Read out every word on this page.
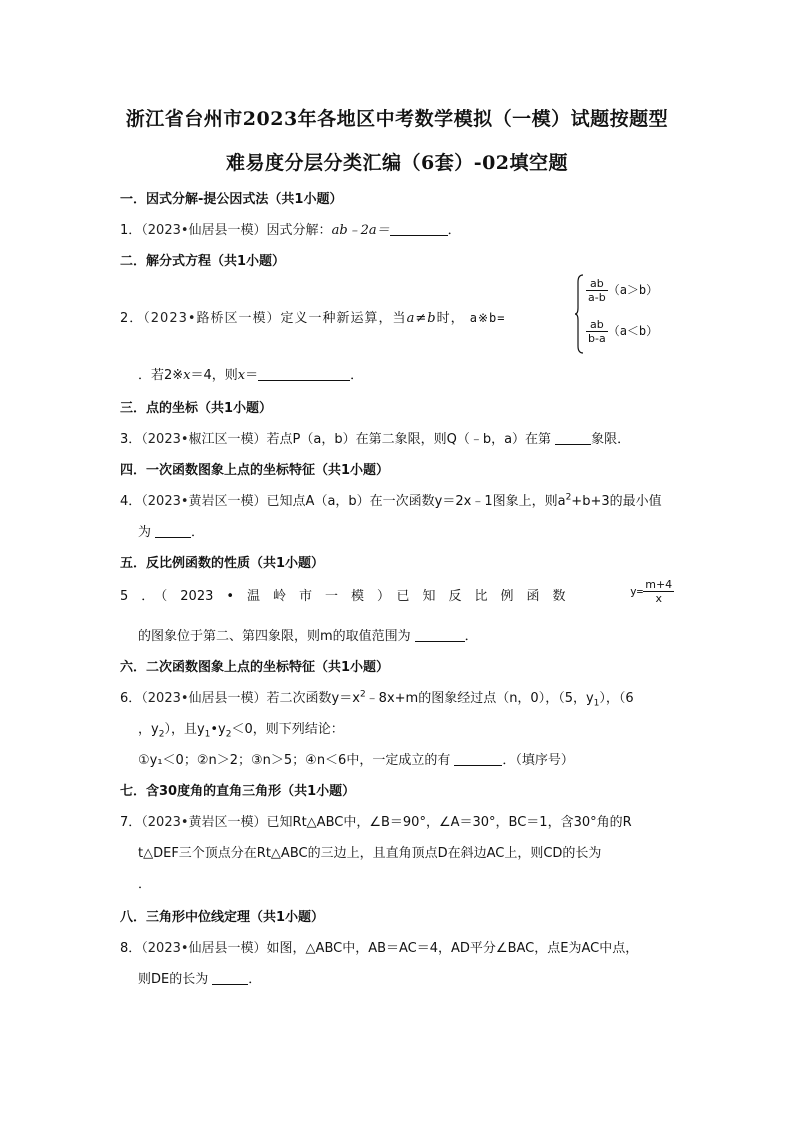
浙江省台州市2023年各地区中考数学模拟（一模）试题按题型
难易度分层分类汇编（6套）-02填空题
一．因式分解-提公因式法（共1小题）
1．（2023•仙居县一模）因式分解：ab﹣2a＝	．
二．解分式方程（共1小题）
2．（2023•路桥区一模）定义一种新运算，当a≠b时， a※b=
$\frac{ab}{a-b} (a>b)$
$\frac{ab}{b-a} (a<b)$
．若2※x＝4，则x＝	．
三．点的坐标（共1小题）
3．（2023•椒江区一模）若点P（a，b）在第二象限，则Q（﹣b，a）在第	象限．
四．一次函数图象上点的坐标特征（共1小题）
4．（2023•黄岩区一模）已知点A（a，b）在一次函数y＝2x﹣1图象上，则$a^2+b+3$的最小值
为	．
五．反比例函数的性质（共1小题）
5　．　（　2023　•　温　岭　市　一　模　）　已　知　反　比　例　函　数	$y= \frac{m+4}{x}$
的图象位于第二、第四象限，则m的取值范围为	．
六．二次函数图象上点的坐标特征（共1小题）
6．（2023•仙居县一模）若二次函数$y=x^2﹣8x+m$的图象经过点（n，0），（5，$y_1$），（6
，$y_2$），且$y_1•y_2<0$，则下列结论：
①y₁＜0；②n＞2；③n＞5；④n＜6中，一定成立的有	．（填序号）
七．含30度角的直角三角形（共1小题）
7．（2023•黄岩区一模）已知Rt△ABC中，∠B＝90°，∠A＝30°，BC＝1，含30°角的R
t△DEF三个顶点分在Rt△ABC的三边上，且直角顶点D在斜边AC上，则CD的长为
．
八．三角形中位线定理（共1小题）
8．（2023•仙居县一模）如图，△ABC中，AB＝AC＝4，AD平分∠BAC，点E为AC中点，
则DE的长为	．
